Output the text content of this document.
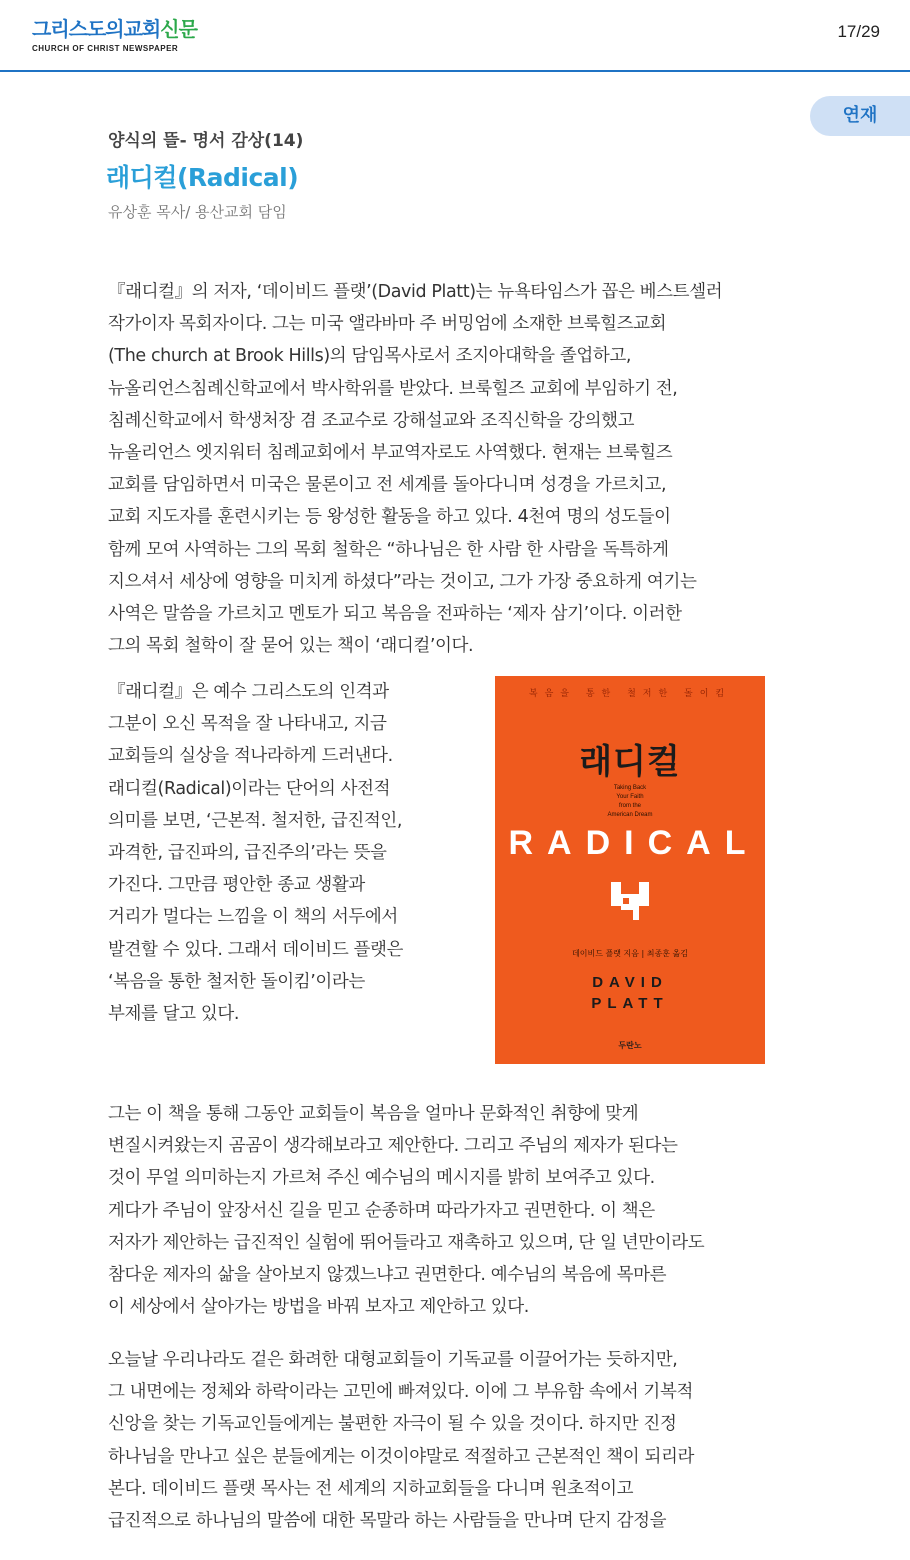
그리스도의교회신문
CHURCH OF CHRIST NEWSPAPER
17/29
연재
양식의 뜰- 명서 감상(14)
래디컬(Radical)
유상훈 목사/ 용산교회 담임

『래디컬』의 저자, ‘데이비드 플랫’(David Platt)는 뉴욕타임스가 꼽은 베스트셀러
작가이자 목회자이다. 그는 미국 앨라바마 주 버밍엄에 소재한 브룩힐즈교회
(The church at Brook Hills)의 담임목사로서 조지아대학을 졸업하고,
뉴올리언스침례신학교에서 박사학위를 받았다. 브룩힐즈 교회에 부임하기 전,
침례신학교에서 학생처장 겸 조교수로 강해설교와 조직신학을 강의했고
뉴올리언스 엣지워터 침례교회에서 부교역자로도 사역했다. 현재는 브룩힐즈
교회를 담임하면서 미국은 물론이고 전 세계를 돌아다니며 성경을 가르치고,
교회 지도자를 훈련시키는 등 왕성한 활동을 하고 있다. 4천여 명의 성도들이
함께 모여 사역하는 그의 목회 철학은 “하나님은 한 사람 한 사람을 독특하게
지으셔서 세상에 영향을 미치게 하셨다”라는 것이고, 그가 가장 중요하게 여기는
사역은 말씀을 가르치고 멘토가 되고 복음을 전파하는 ‘제자 삼기’이다. 이러한
그의 목회 철학이 잘 묻어 있는 책이 ‘래디컬’이다.

『래디컬』은 예수 그리스도의 인격과
그분이 오신 목적을 잘 나타내고, 지금
교회들의 실상을 적나라하게 드러낸다.
래디컬(Radical)이라는 단어의 사전적
의미를 보면, ‘근본적. 철저한, 급진적인,
과격한, 급진파의, 급진주의’라는 뜻을
가진다. 그만큼 평안한 종교 생활과
거리가 멀다는 느낌을 이 책의 서두에서
발견할 수 있다. 그래서 데이비드 플랫은
‘복음을 통한 철저한 돌이킴’이라는
부제를 달고 있다.

복음을 통한 철저한 돌이킴
래디컬
Taking Back
Your Faith
from the
American Dream
RADICAL
데이비드 플랫 지음 | 최종훈 옮김
DAVID
PLATT
두란노

그는 이 책을 통해 그동안 교회들이 복음을 얼마나 문화적인 취향에 맞게
변질시켜왔는지 곰곰이 생각해보라고 제안한다. 그리고 주님의 제자가 된다는
것이 무얼 의미하는지 가르쳐 주신 예수님의 메시지를 밝히 보여주고 있다.
게다가 주님이 앞장서신 길을 믿고 순종하며 따라가자고 권면한다. 이 책은
저자가 제안하는 급진적인 실험에 뛰어들라고 재촉하고 있으며, 단 일 년만이라도
참다운 제자의 삶을 살아보지 않겠느냐고 권면한다. 예수님의 복음에 목마른
이 세상에서 살아가는 방법을 바꿔 보자고 제안하고 있다.

오늘날 우리나라도 겉은 화려한 대형교회들이 기독교를 이끌어가는 듯하지만,
그 내면에는 정체와 하락이라는 고민에 빠져있다. 이에 그 부유함 속에서 기복적
신앙을 찾는 기독교인들에게는 불편한 자극이 될 수 있을 것이다. 하지만 진정
하나님을 만나고 싶은 분들에게는 이것이야말로 적절하고 근본적인 책이 되리라
본다. 데이비드 플랫 목사는 전 세계의 지하교회들을 다니며 원초적이고
급진적으로 하나님의 말씀에 대한 목말라 하는 사람들을 만나며 단지 감정을
